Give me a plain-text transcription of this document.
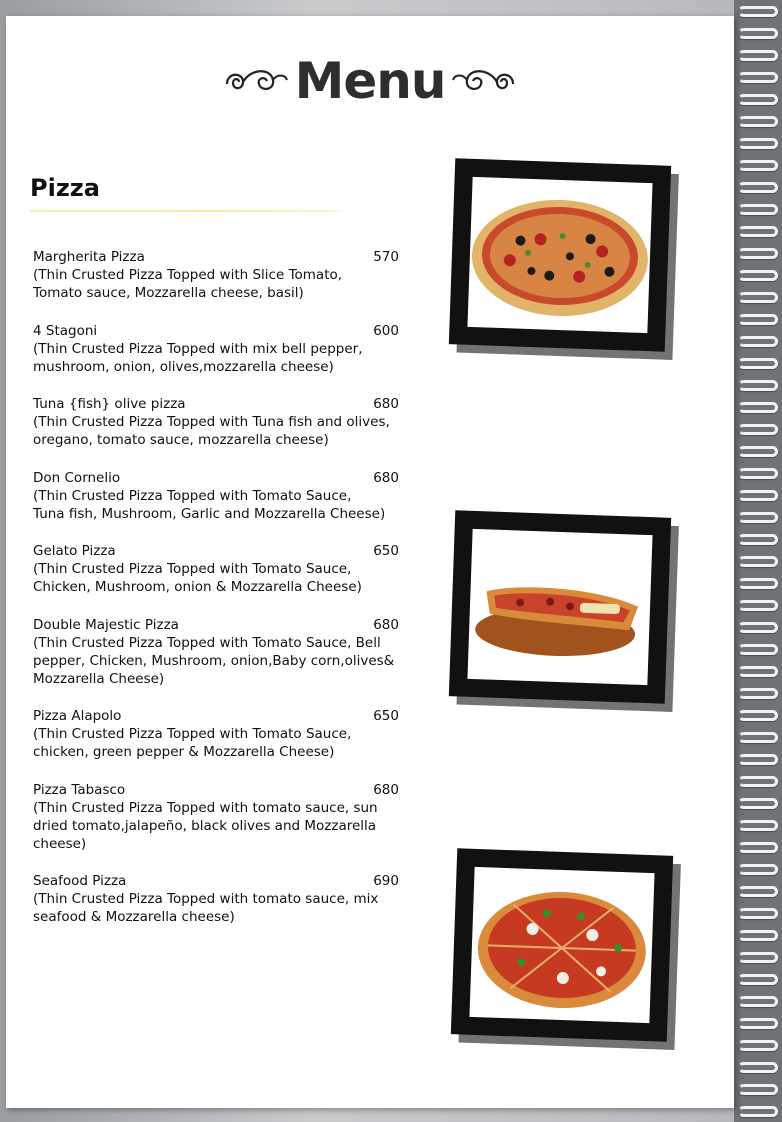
Menu
Pizza
Margherita Pizza	570
(Thin Crusted Pizza Topped with Slice Tomato,
Tomato sauce, Mozzarella cheese, basil)
4 Stagoni	600
(Thin Crusted Pizza Topped with mix bell pepper,
mushroom, onion, olives,mozzarella cheese)
Tuna {fish} olive pizza	680
(Thin Crusted Pizza Topped with Tuna fish and olives,
oregano, tomato sauce, mozzarella cheese)
Don Cornelio	680
(Thin Crusted Pizza Topped with Tomato Sauce,
Tuna fish, Mushroom, Garlic and Mozzarella Cheese)
Gelato Pizza	650
(Thin Crusted Pizza Topped with Tomato Sauce,
Chicken, Mushroom, onion & Mozzarella Cheese)
Double Majestic Pizza	680
(Thin Crusted Pizza Topped with Tomato Sauce, Bell
pepper, Chicken, Mushroom, onion,Baby corn,olives&
Mozzarella Cheese)
Pizza Alapolo	650
(Thin Crusted Pizza Topped with Tomato Sauce,
chicken, green pepper & Mozzarella Cheese)
Pizza Tabasco	680
(Thin Crusted Pizza Topped with tomato sauce, sun
dried tomato,jalapeño, black olives and Mozzarella
cheese)
Seafood Pizza	690
(Thin Crusted Pizza Topped with tomato sauce, mix
seafood & Mozzarella cheese)
